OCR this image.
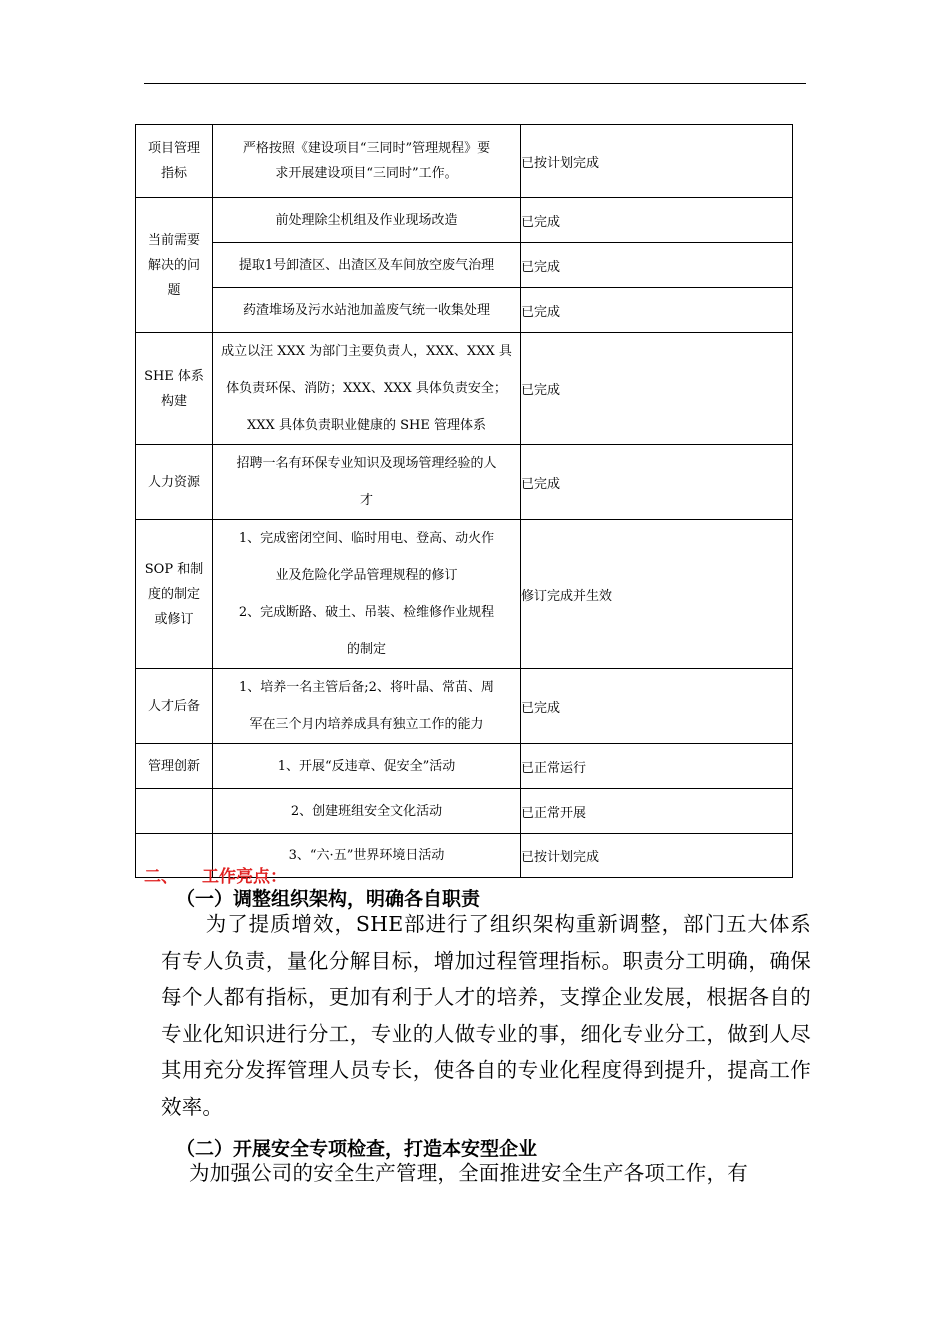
项目管理
指标	严格按照《建设项目“三同时”管理规程》要
求开展建设项目“三同时”工作。	已按计划完成

当前需要
解决的问
题	前处理除尘机组及作业现场改造	已完成
	提取1号卸渣区、出渣区及车间放空废气治理	已完成
	药渣堆场及污水站池加盖废气统一收集处理	已完成

SHE 体系
构建	成立以汪 XXX 为部门主要负责人，XXX、XXX 具
体负责环保、消防；XXX、XXX 具体负责安全；
XXX 具体负责职业健康的 SHE 管理体系	已完成
人力资源	招聘一名有环保专业知识及现场管理经验的人
才	已完成

SOP 和制
度的制定
或修订	1、完成密闭空间、临时用电、登高、动火作
业及危险化学品管理规程的修订
2、完成断路、破土、吊装、检维修作业规程
的制定	修订完成并生效
人才后备	1、培养一名主管后备;2、将叶晶、常苗、周
军在三个月内培养成具有独立工作的能力	已完成
管理创新	1、开展“反违章、促安全”活动	已正常运行
	2、创建班组安全文化活动	已正常开展
	3、“六·五”世界环境日活动	已按计划完成
二、 工作亮点：
（一）调整组织架构，明确各自职责
为了提质增效，SHE部进行了组织架构重新调整，部门五大体系有专人负责，量化分解目标，增加过程管理指标。职责分工明确，确保每个人都有指标，更加有利于人才的培养，支撑企业发展，根据各自的专业化知识进行分工，专业的人做专业的事，细化专业分工，做到人尽其用充分发挥管理人员专长，使各自的专业化程度得到提升，提高工作效率。
（二）开展安全专项检查，打造本安型企业
为加强公司的安全生产管理，全面推进安全生产各项工作，有
